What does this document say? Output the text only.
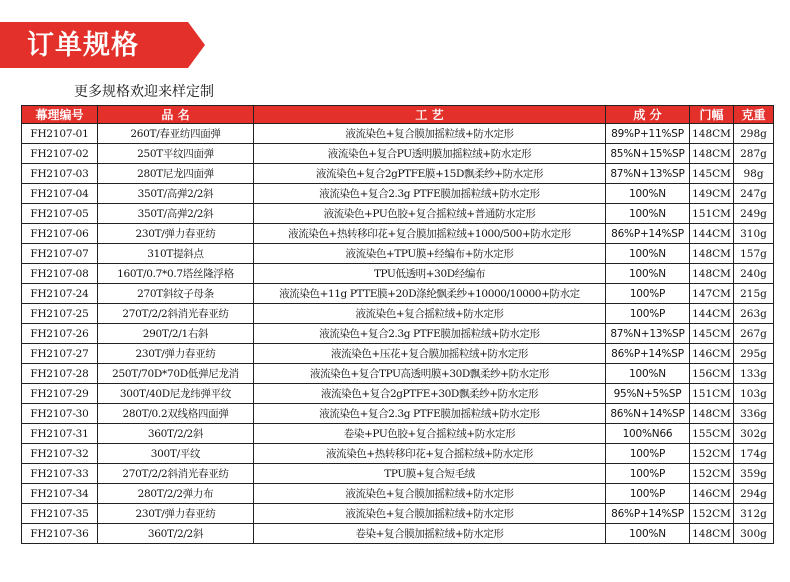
订单规格
更多规格欢迎来样定制
幕理编号	品 名	工 艺	成 分	门幅	克重
FH2107-01	260T/春亚纺四面弹	液流染色+复合膜加摇粒绒+防水定形	89%P+11%SP	148CM	298g
FH2107-02	250T平纹四面弹	液流染色+复合PU透明膜加摇粒绒+防水定形	85%N+15%SP	148CM	287g
FH2107-03	280T尼龙四面弹	液流染色+复合2gPTFE膜+15D飘柔纱+防水定形	87%N+13%SP	145CM	98g
FH2107-04	350T/高弹2/2斜	液流染色+复合2.3g PTFE膜加摇粒绒+防水定形	100%N	149CM	247g
FH2107-05	350T/高弹2/2斜	液流染色+PU色胶+复合摇粒绒+普通防水定形	100%N	151CM	249g
FH2107-06	230T/弹力春亚纺	液流染色+热转移印花+复合膜加摇粒绒+1000/500+防水定形	86%P+14%SP	144CM	310g
FH2107-07	310T提斜点	液流染色+TPU膜+经编布+防水定形	100%N	148CM	157g
FH2107-08	160T/0.7*0.7塔丝隆浮格	TPU低透明+30D经编布	100%N	148CM	240g
FH2107-24	270T斜纹子母条	液流染色+11g PTTE膜+20D涤纶飘柔纱+10000/10000+防水定	100%P	147CM	215g
FH2107-25	270T/2/2斜消光春亚纺	液流染色+复合摇粒绒+防水定形	100%P	144CM	263g
FH2107-26	290T/2/1右斜	液流染色+复合2.3g PTFE膜加摇粒绒+防水定形	87%N+13%SP	145CM	267g
FH2107-27	230T/弹力春亚纺	液流染色+压花+复合膜加摇粒绒+防水定形	86%P+14%SP	146CM	295g
FH2107-28	250T/70D*70D低弹尼龙消	液流染色+复合TPU高透明膜+30D飘柔纱+防水定形	100%N	156CM	133g
FH2107-29	300T/40D尼龙纬弹平纹	液流染色+复合2gPTFE+30D飘柔纱+防水定形	95%N+5%SP	151CM	103g
FH2107-30	280T/0.2双线格四面弹	液流染色+复合2.3g PTFE膜加摇粒绒+防水定形	86%N+14%SP	148CM	336g
FH2107-31	360T/2/2斜	卷染+PU色胶+复合摇粒绒+防水定形	100%N66	155CM	302g
FH2107-32	300T/平纹	液流染色+热转移印花+复合摇粒绒+防水定形	100%P	152CM	174g
FH2107-33	270T/2/2斜消光春亚纺	TPU膜+复合短毛绒	100%P	152CM	359g
FH2107-34	280T/2/2弹力布	液流染色+复合膜加摇粒绒+防水定形	100%P	146CM	294g
FH2107-35	230T/弹力春亚纺	液流染色+复合膜加摇粒绒+防水定形	86%P+14%SP	152CM	312g
FH2107-36	360T/2/2斜	卷染+复合膜加摇粒绒+防水定形	100%N	148CM	300g
